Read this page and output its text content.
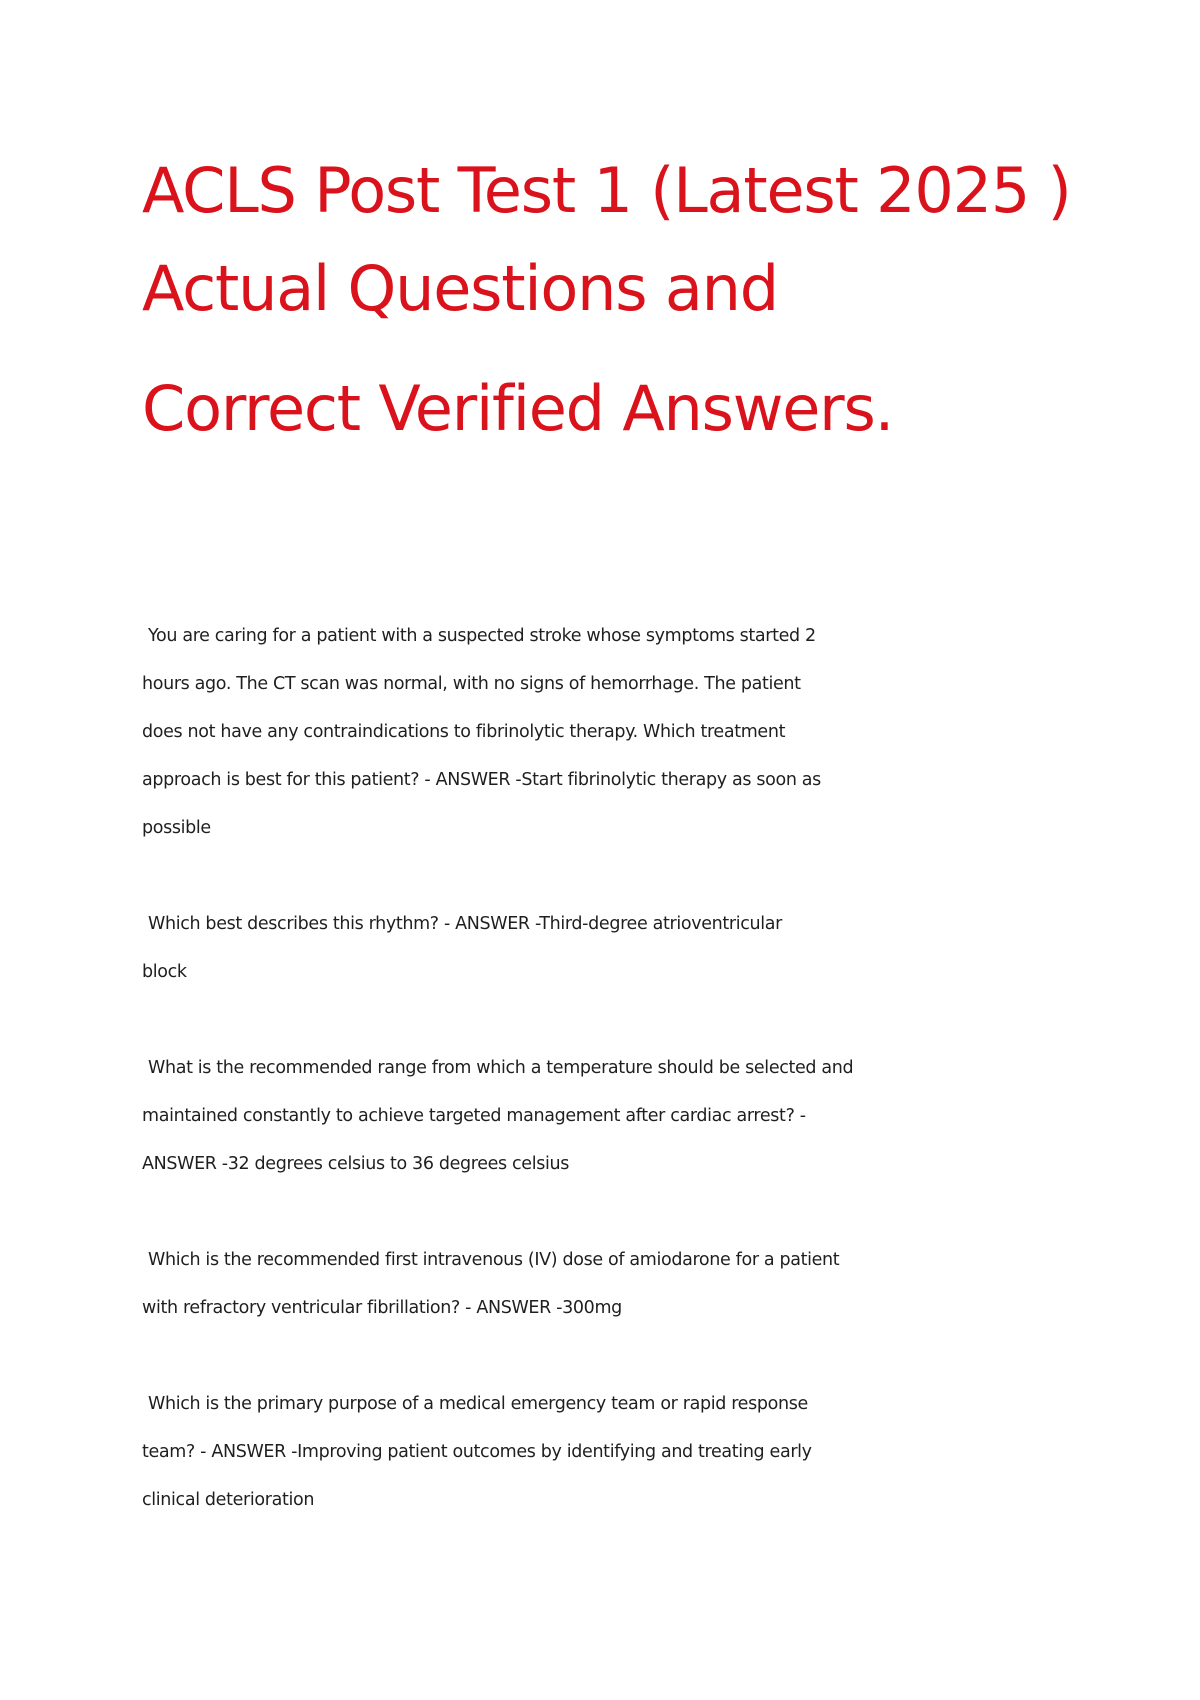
ACLS Post Test 1 (Latest 2025 )
Actual Questions and
Correct Verified Answers.
You are caring for a patient with a suspected stroke whose symptoms started 2
hours ago. The CT scan was normal, with no signs of hemorrhage. The patient
does not have any contraindications to fibrinolytic therapy. Which treatment
approach is best for this patient? - ANSWER -Start fibrinolytic therapy as soon as
possible
Which best describes this rhythm? - ANSWER -Third-degree atrioventricular
block
What is the recommended range from which a temperature should be selected and
maintained constantly to achieve targeted management after cardiac arrest? -
ANSWER -32 degrees celsius to 36 degrees celsius
Which is the recommended first intravenous (IV) dose of amiodarone for a patient
with refractory ventricular fibrillation? - ANSWER -300mg
Which is the primary purpose of a medical emergency team or rapid response
team? - ANSWER -Improving patient outcomes by identifying and treating early
clinical deterioration
